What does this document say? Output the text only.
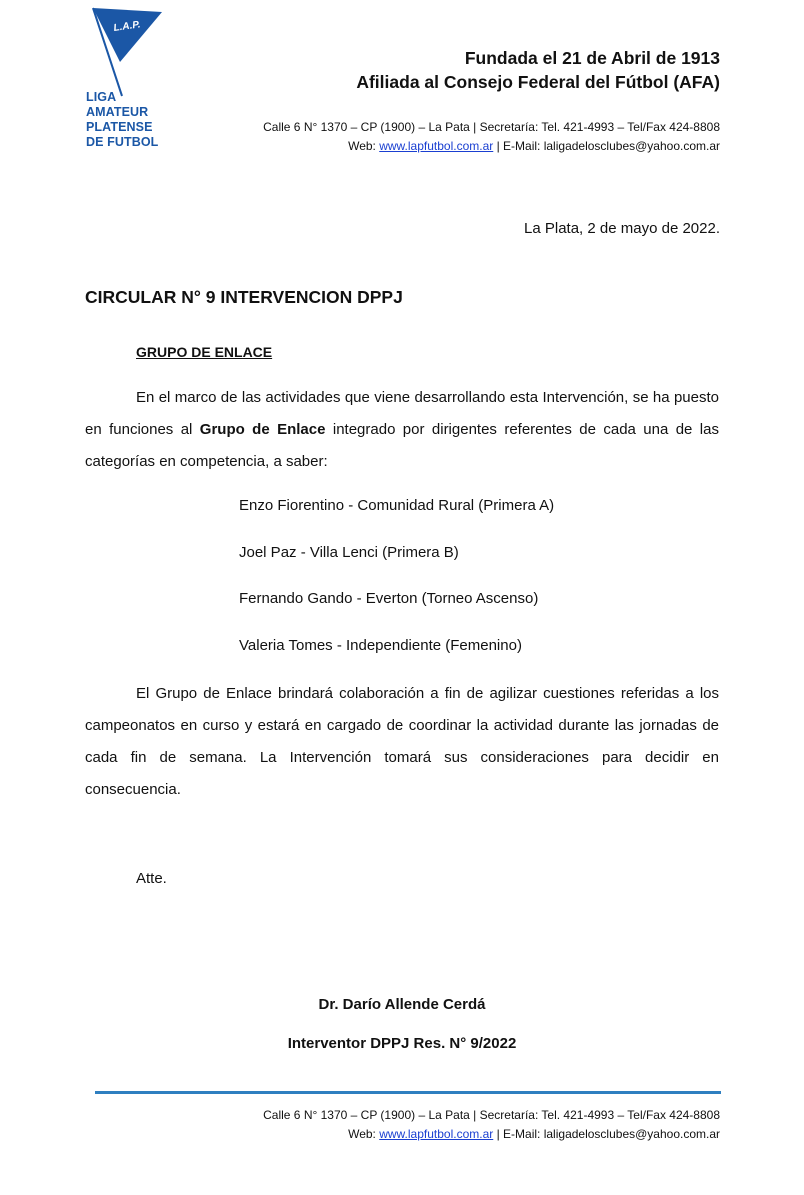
L.A.P.
LIGA
AMATEUR
PLATENSE
DE FUTBOL
Fundada el 21 de Abril de 1913
Afiliada al Consejo Federal del Fútbol (AFA)
Calle 6 N° 1370 – CP (1900) – La Pata | Secretaría: Tel. 421-4993 – Tel/Fax 424-8808
Web: www.lapfutbol.com.ar | E-Mail: laligadelosclubes@yahoo.com.ar
La Plata, 2 de mayo de 2022.
CIRCULAR N° 9 INTERVENCION DPPJ
GRUPO DE ENLACE
En el marco de las actividades que viene desarrollando esta Intervención, se ha puesto en funciones al Grupo de Enlace integrado por dirigentes referentes de cada una de las categorías en competencia, a saber:
Enzo Fiorentino - Comunidad Rural (Primera A)
Joel Paz - Villa Lenci (Primera B)
Fernando Gando - Everton (Torneo Ascenso)
Valeria Tomes - Independiente (Femenino)
El Grupo de Enlace brindará colaboración a fin de agilizar cuestiones referidas a los campeonatos en curso y estará en cargado de coordinar la actividad durante las jornadas de cada fin de semana. La Intervención tomará sus consideraciones para decidir en consecuencia.
Atte.
Dr. Darío Allende Cerdá
Interventor DPPJ Res. N° 9/2022
Calle 6 N° 1370 – CP (1900) – La Pata | Secretaría: Tel. 421-4993 – Tel/Fax 424-8808
Web: www.lapfutbol.com.ar | E-Mail: laligadelosclubes@yahoo.com.ar
